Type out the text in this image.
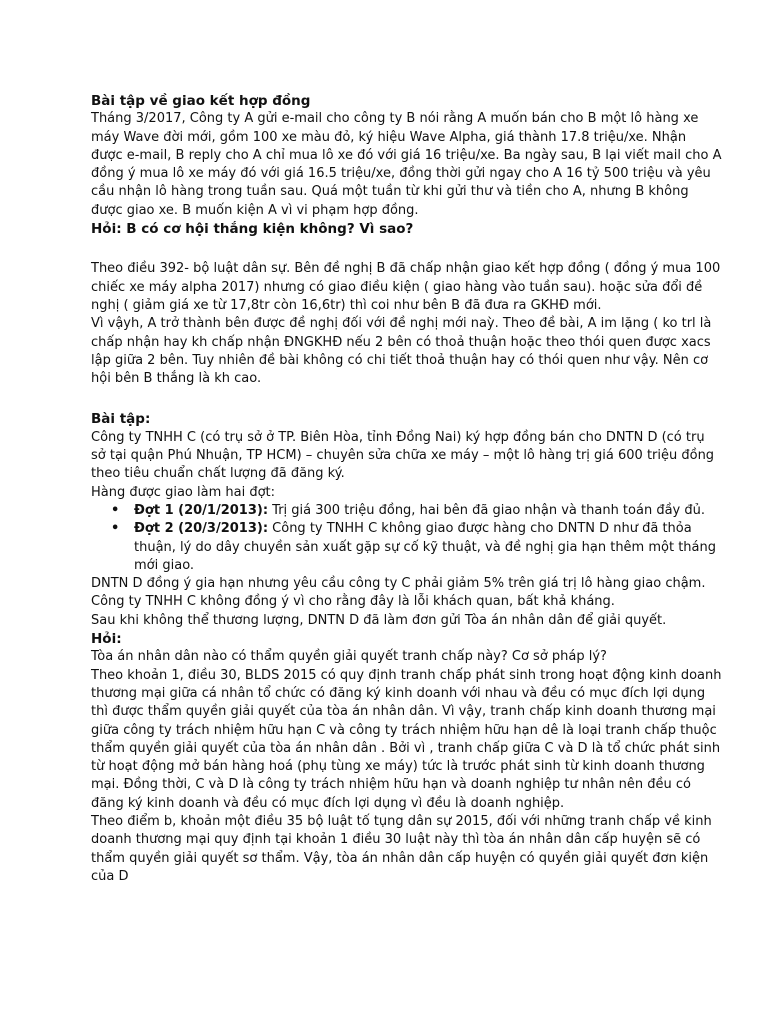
Bài tập về giao kết hợp đồng
Tháng 3/2017, Công ty A gửi e-mail cho công ty B nói rằng A muốn bán cho B một lô hàng xe
máy Wave đời mới, gồm 100 xe màu đỏ, ký hiệu Wave Alpha, giá thành 17.8 triệu/xe. Nhận
được e-mail, B reply cho A chỉ mua lô xe đó với giá 16 triệu/xe. Ba ngày sau, B lại viết mail cho A
đồng ý mua lô xe máy đó với giá 16.5 triệu/xe, đồng thời gửi ngay cho A 16 tỷ 500 triệu và yêu
cầu nhận lô hàng trong tuần sau. Quá một tuần từ khi gửi thư và tiền cho A, nhưng B không
được giao xe. B muốn kiện A vì vi phạm hợp đồng.
Hỏi: B có cơ hội thắng kiện không? Vì sao?
Theo điều 392- bộ luật dân sự. Bên đề nghị B đã chấp nhận giao kết hợp đồng ( đồng ý mua 100
chiếc xe máy alpha 2017) nhưng có giao điều kiện ( giao hàng vào tuần sau). hoặc sửa đổi đề
nghị ( giảm giá xe từ 17,8tr còn 16,6tr) thì coi như bên B đã đưa ra GKHĐ mới.
Vì vậyh, A trở thành bên được đề nghị đối với đề nghị mới naỳ. Theo đề bài, A im lặng ( ko trl là
chấp nhận hay kh chấp nhận ĐNGKHĐ nếu 2 bên có thoả thuận hoặc theo thói quen được xacs
lập giữa 2 bên. Tuy nhiên đề bài không có chi tiết thoả thuận hay có thói quen như vậy. Nên cơ
hội bên B thắng là kh cao.
Bài tập:
Công ty TNHH C (có trụ sở ở TP. Biên Hòa, tỉnh Đồng Nai) ký hợp đồng bán cho DNTN D (có trụ
sở tại quận Phú Nhuận, TP HCM) – chuyên sửa chữa xe máy – một lô hàng trị giá 600 triệu đồng
theo tiêu chuẩn chất lượng đã đăng ký.
Hàng được giao làm hai đợt:
• Đợt 1 (20/1/2013): Trị giá 300 triệu đồng, hai bên đã giao nhận và thanh toán đầy đủ.
• Đợt 2 (20/3/2013): Công ty TNHH C không giao được hàng cho DNTN D như đã thỏa
thuận, lý do dây chuyền sản xuất gặp sự cố kỹ thuật, và đề nghị gia hạn thêm một tháng
mới giao.
DNTN D đồng ý gia hạn nhưng yêu cầu công ty C phải giảm 5% trên giá trị lô hàng giao chậm.
Công ty TNHH C không đồng ý vì cho rằng đây là lỗi khách quan, bất khả kháng.
Sau khi không thể thương lượng, DNTN D đã làm đơn gửi Tòa án nhân dân để giải quyết.
Hỏi:
Tòa án nhân dân nào có thẩm quyền giải quyết tranh chấp này? Cơ sở pháp lý?
Theo khoản 1, điều 30, BLDS 2015 có quy định tranh chấp phát sinh trong hoạt động kinh doanh
thương mại giữa cá nhân tổ chức có đăng ký kinh doanh với nhau và đều có mục đích lợi dụng
thì được thẩm quyền giải quyết của tòa án nhân dân. Vì vậy, tranh chấp kinh doanh thương mại
giữa công ty trách nhiệm hữu hạn C và công ty trách nhiệm hữu hạn dê là loại tranh chấp thuộc
thẩm quyền giải quyết của tòa án nhân dân . Bởi vì , tranh chấp giữa C và D là tổ chức phát sinh
từ hoạt động mở bán hàng hoá (phụ tùng xe máy) tức là trước phát sinh từ kinh doanh thương
mại. Đồng thời, C và D là công ty trách nhiệm hữu hạn và doanh nghiệp tư nhân nên đều có
đăng ký kinh doanh và đều có mục đích lợi dụng vì đều là doanh nghiệp.
Theo điểm b, khoản một điều 35 bộ luật tố tụng dân sự 2015, đối với những tranh chấp về kinh
doanh thương mại quy định tại khoản 1 điều 30 luật này thì tòa án nhân dân cấp huyện sẽ có
thẩm quyền giải quyết sơ thẩm. Vậy, tòa án nhân dân cấp huyện có quyền giải quyết đơn kiện
của D
